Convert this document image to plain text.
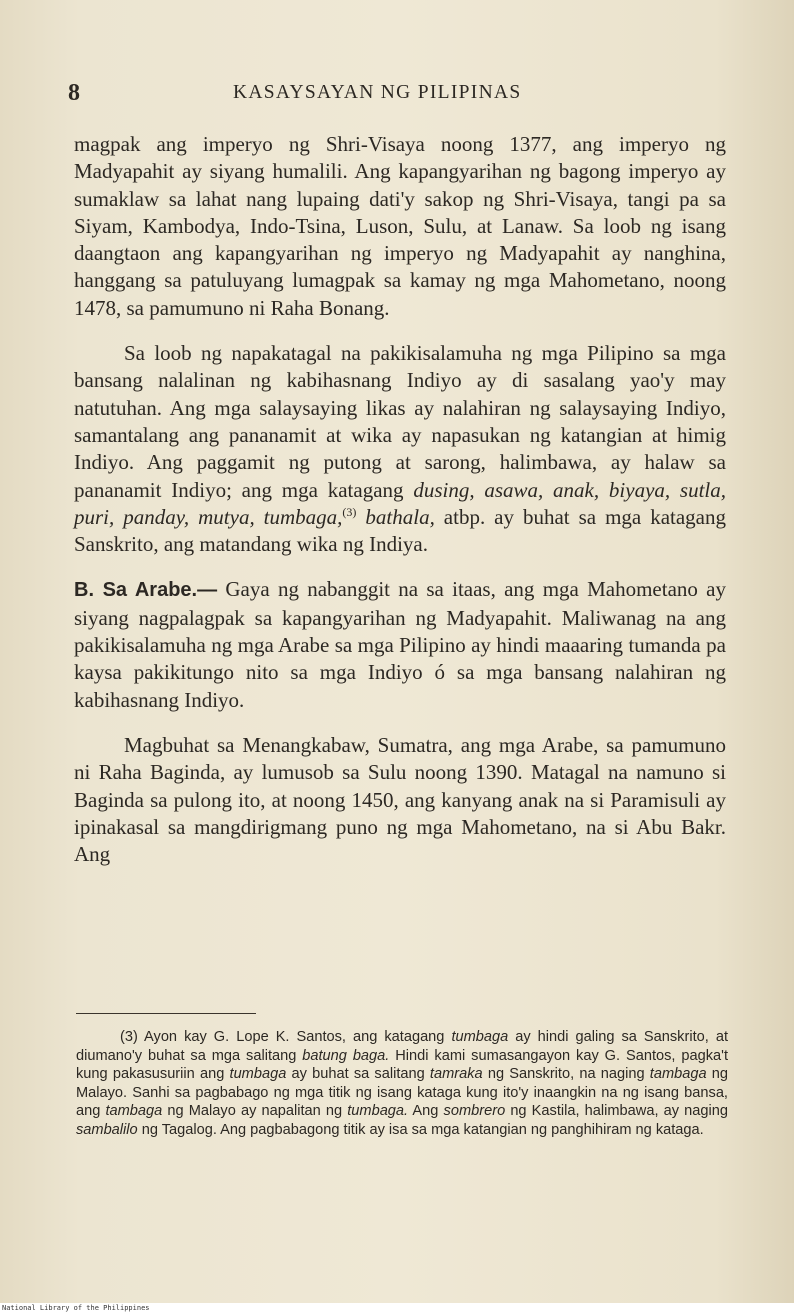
8	KASAYSAYAN NG PILIPINAS

magpak ang imperyo ng Shri-Visaya noong 1377, ang imperyo ng Madyapahit ay siyang humalili. Ang kapangyarihan ng bagong imperyo ay sumaklaw sa lahat nang lupaing dati'y sakop ng Shri-Visaya, tangi pa sa Siyam, Kambodya, Indo-Tsina, Luson, Sulu, at Lanaw. Sa loob ng isang daangtaon ang kapangyarihan ng imperyo ng Madyapahit ay nanghina, hanggang sa patuluyang lumagpak sa kamay ng mga Mahometano, noong 1478, sa pamumuno ni Raha Bonang.

Sa loob ng napakatagal na pakikisalamuha ng mga Pilipino sa mga bansang nalalinan ng kabihasnang Indiyo ay di sasalang yao'y may natutuhan. Ang mga salaysaying likas ay nalahiran ng salaysaying Indiyo, samantalang ang pananamit at wika ay napasukan ng katangian at himig Indiyo. Ang paggamit ng putong at sarong, halimbawa, ay halaw sa pananamit Indiyo; ang mga katagang dusing, asawa, anak, biyaya, sutla, puri, panday, mutya, tumbaga,$^{(3)}$ bathala, atbp. ay buhat sa mga katagang Sanskrito, ang matandang wika ng Indiya.

B. Sa Arabe.— Gaya ng nabanggit na sa itaas, ang mga Mahometano ay siyang nagpalagpak sa kapangyarihan ng Madyapahit. Maliwanag na ang pakikisalamuha ng mga Arabe sa mga Pilipino ay hindi maaaring tumanda pa kaysa pakikitungo nito sa mga Indiyo ó sa mga bansang nalahiran ng kabihasnang Indiyo.

Magbuhat sa Menangkabaw, Sumatra, ang mga Arabe, sa pamumuno ni Raha Baginda, ay lumusob sa Sulu noong 1390. Matagal na namuno si Baginda sa pulong ito, at noong 1450, ang kanyang anak na si Paramisuli ay ipinakasal sa mangdirigmang puno ng mga Mahometano, na si Abu Bakr. Ang

(3) Ayon kay G. Lope K. Santos, ang katagang tumbaga ay hindi galing sa Sanskrito, at diumano'y buhat sa mga salitang batung baga. Hindi kami sumasangayon kay G. Santos, pagka't kung pakasusuriin ang tumbaga ay buhat sa salitang tamraka ng Sanskrito, na naging tambaga ng Malayo. Sanhi sa pagbabago ng mga titik ng isang kataga kung ito'y inaangkin na ng isang bansa, ang tambaga ng Malayo ay napalitan ng tumbaga. Ang sombrero ng Kastila, halimbawa, ay naging sambalilo ng Tagalog. Ang pagbabagong titik ay isa sa mga katangian ng panghihiram ng kataga.
National Library of the Philippines
